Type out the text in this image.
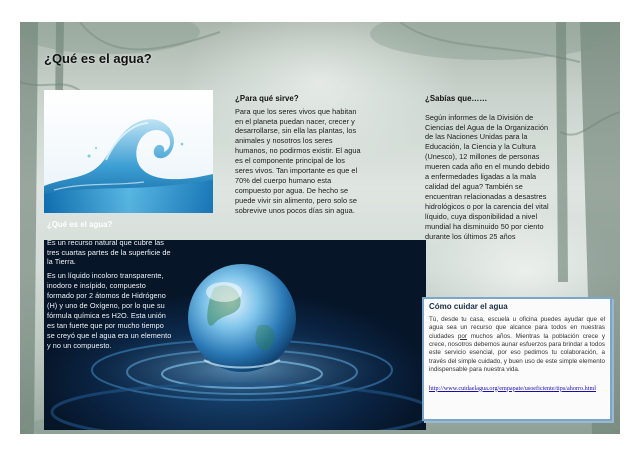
¿Qué es el agua?
¿Qué es el agua?

Es un recurso natural que cubre las tres cuartas partes de la superficie de la Tierra.

Es un líquido incoloro transparente, inodoro e insípido, compuesto formado por 2 átomos de Hidrógeno (H) y uno de Oxígeno, por lo que su fórmula química es H2O. Esta unión es tan fuerte que por mucho tiempo se creyó que el agua era un elemento y no un compuesto.

¿Para qué sirve?

Para que los seres vivos que habitan en el planeta puedan nacer, crecer y desarrollarse, sin ella las plantas, los animales y nosotros los seres humanos, no podirmos existir. El agua es el componente principal de los seres vivos. Tan importante es que el 70% del cuerpo humano esta compuesto por agua. De hecho se puede vivir sin alimento, pero solo se sobrevive unos pocos días sin agua.

¿Sabías que……

Según informes de la División de Ciencias del Agua de la Organización de las Naciones Unidas para la Educación, la Ciencia y la Cultura (Unesco), 12 millones de personas mueren cada año en el mundo debido a enfermedades ligadas a la mala calidad del agua? También se encuentran relacionadas a desastres hidrológicos o por la carencia del vital líquido, cuya disponibilidad a nivel mundial ha disminuido 50 por ciento durante los últimos 25 años

Cómo cuidar el agua

Tú, desde tu casa, escuela u oficina puedes ayudar que el agua sea un recurso que alcance para todos en nuestras ciudades por muchos años. Mientras la población crece y crece, nosotros debemos aunar esfuerzos para brindar a todos este servicio esencial, por eso pedimos tu colaboración, a través del simple cuidado, y buen uso de este simple elemento indispensable para nuestra vida.

http://www.cuidaelagua.org/empapate/usoeficiente/tips/ahorro.html
